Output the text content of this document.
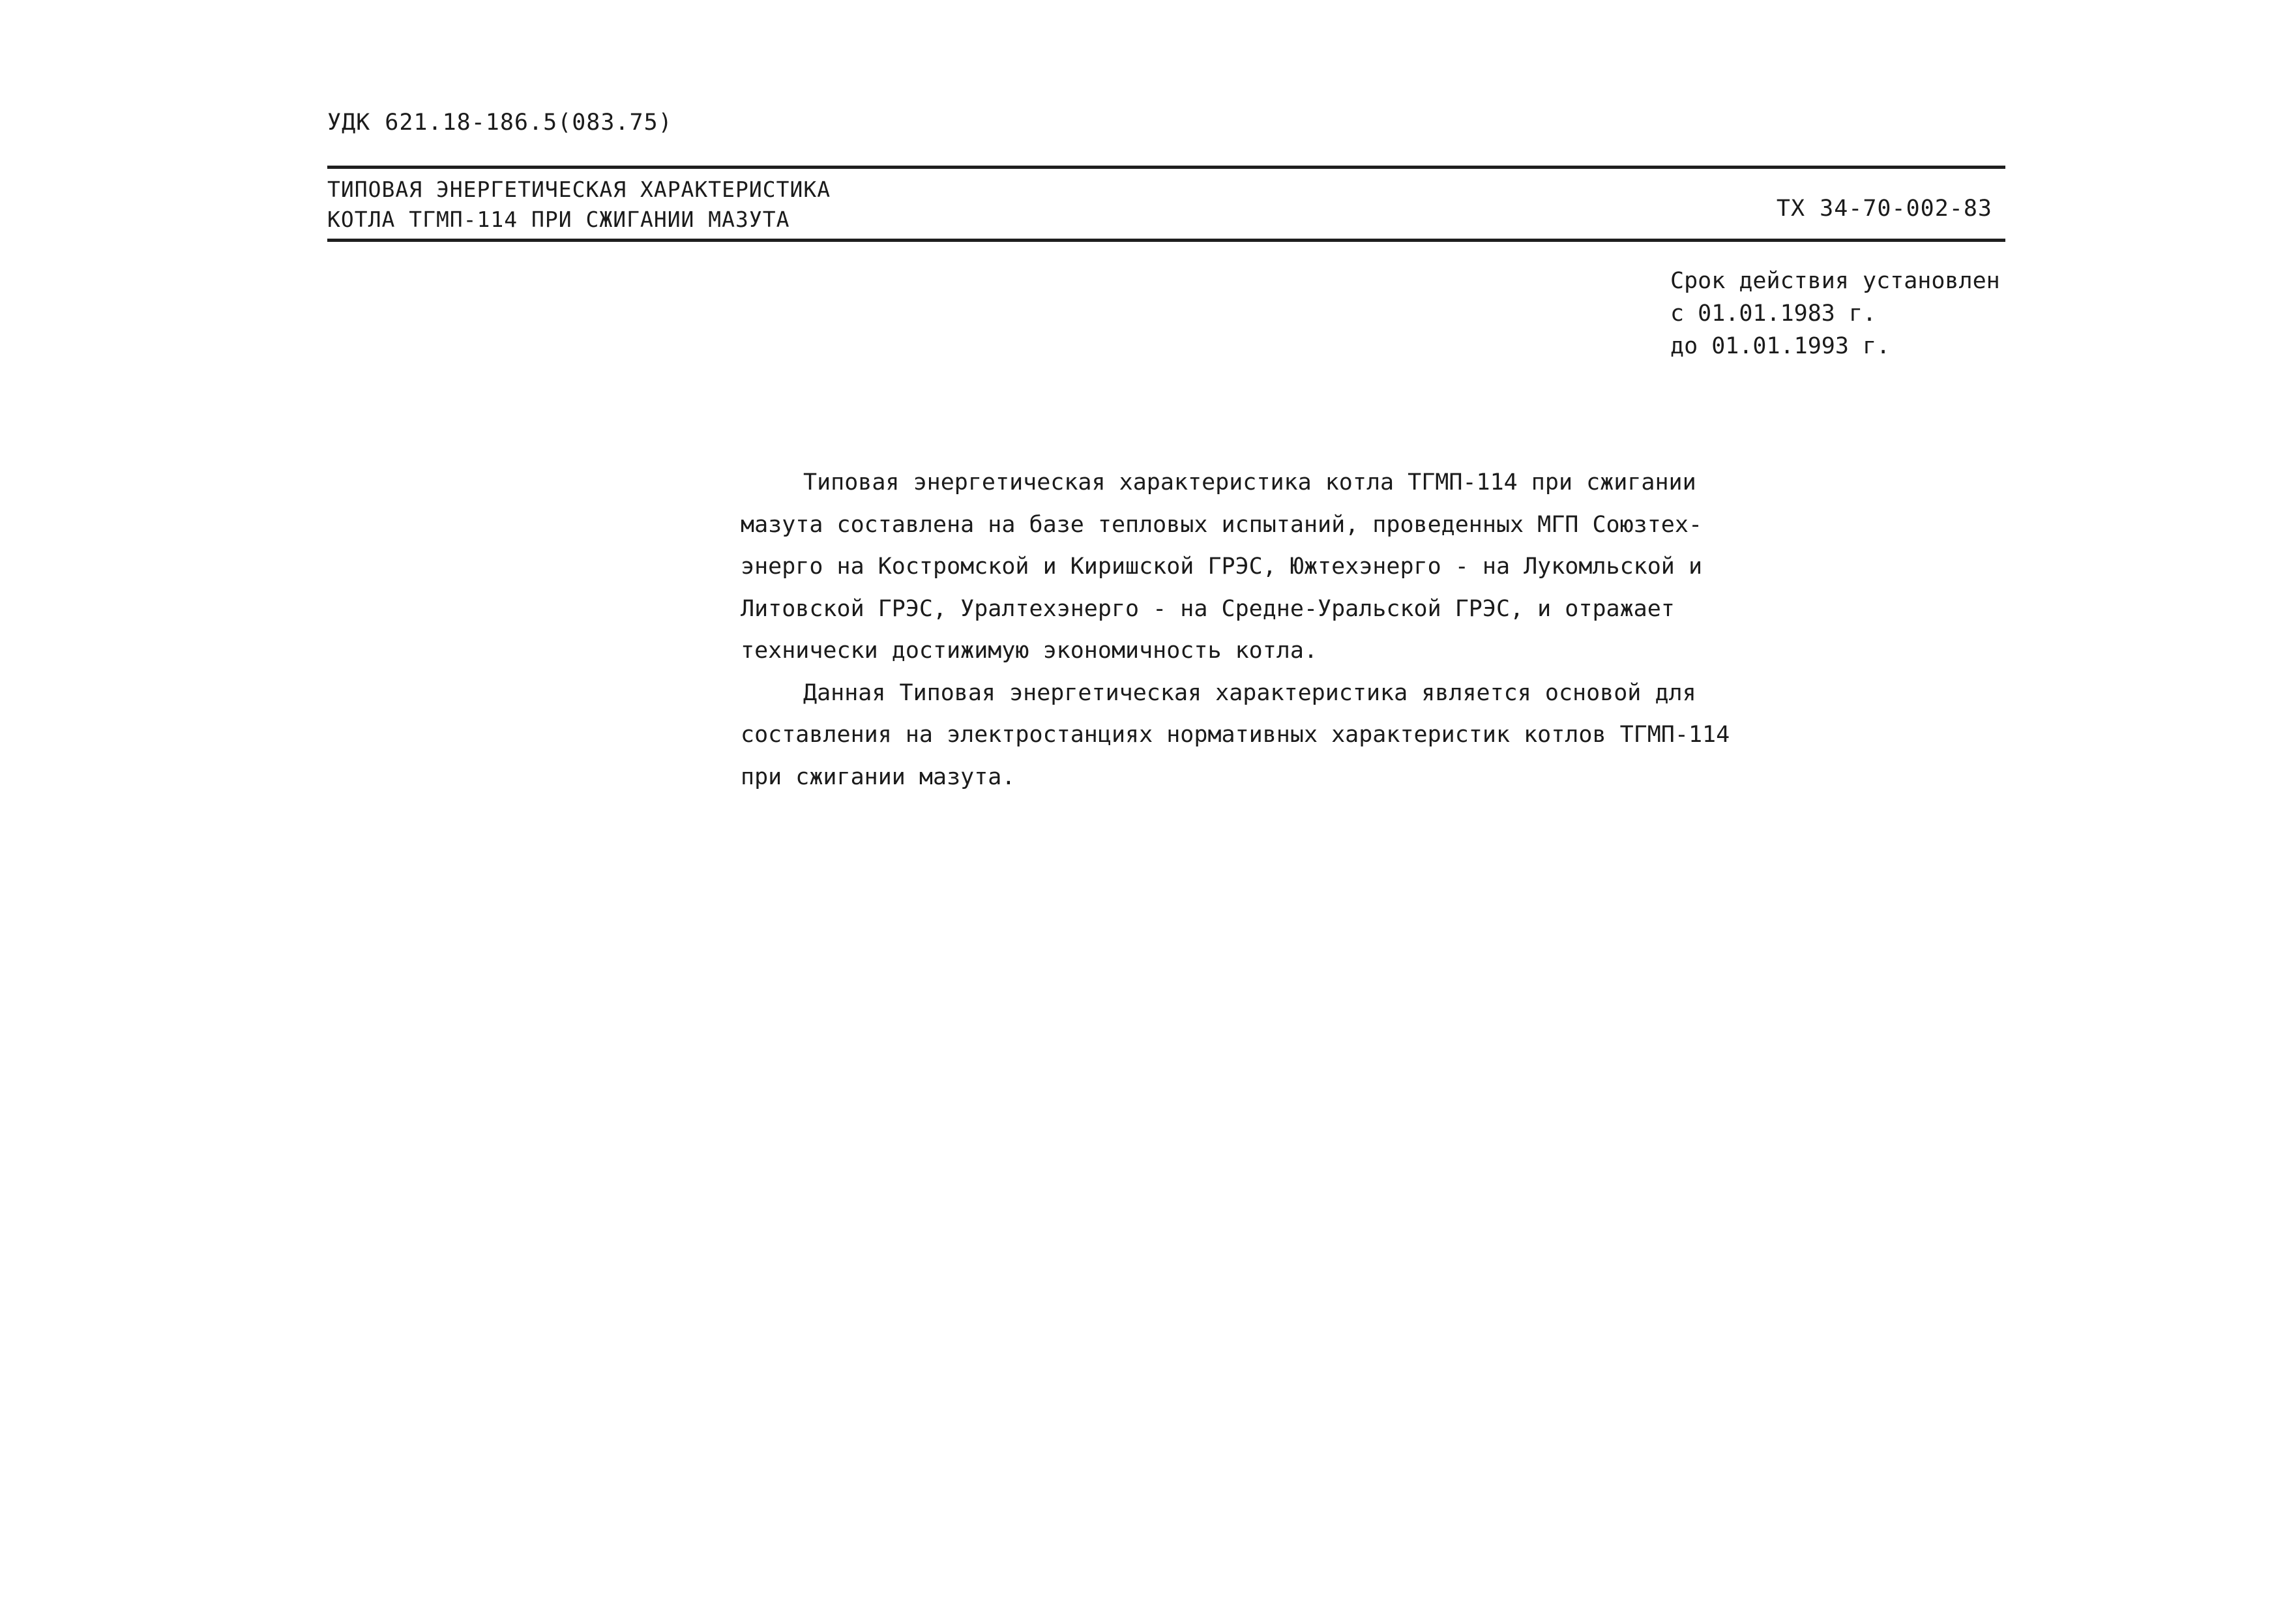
УДК 621.18-186.5(083.75)
ТИПОВАЯ ЭНЕРГЕТИЧЕСКАЯ ХАРАКТЕРИСТИКА
КОТЛА ТГМП-114 ПРИ СЖИГАНИИ МАЗУТА	ТХ 34-70-002-83
Срок действия установлен
с 01.01.1983 г.
до 01.01.1993 г.
Типовая энергетическая характеристика котла ТГМП-114 при сжигании
мазута составлена на базе тепловых испытаний, проведенных МГП Союзтех-
энерго на Костромской и Киришской ГРЭС, Южтехэнерго - на Лукомльской и
Литовской ГРЭС, Уралтехэнерго - на Средне-Уральской ГРЭС, и отражает
технически достижимую экономичность котла.
Данная Типовая энергетическая характеристика является основой для
составления на электростанциях нормативных характеристик котлов ТГМП-114
при сжигании мазута.
